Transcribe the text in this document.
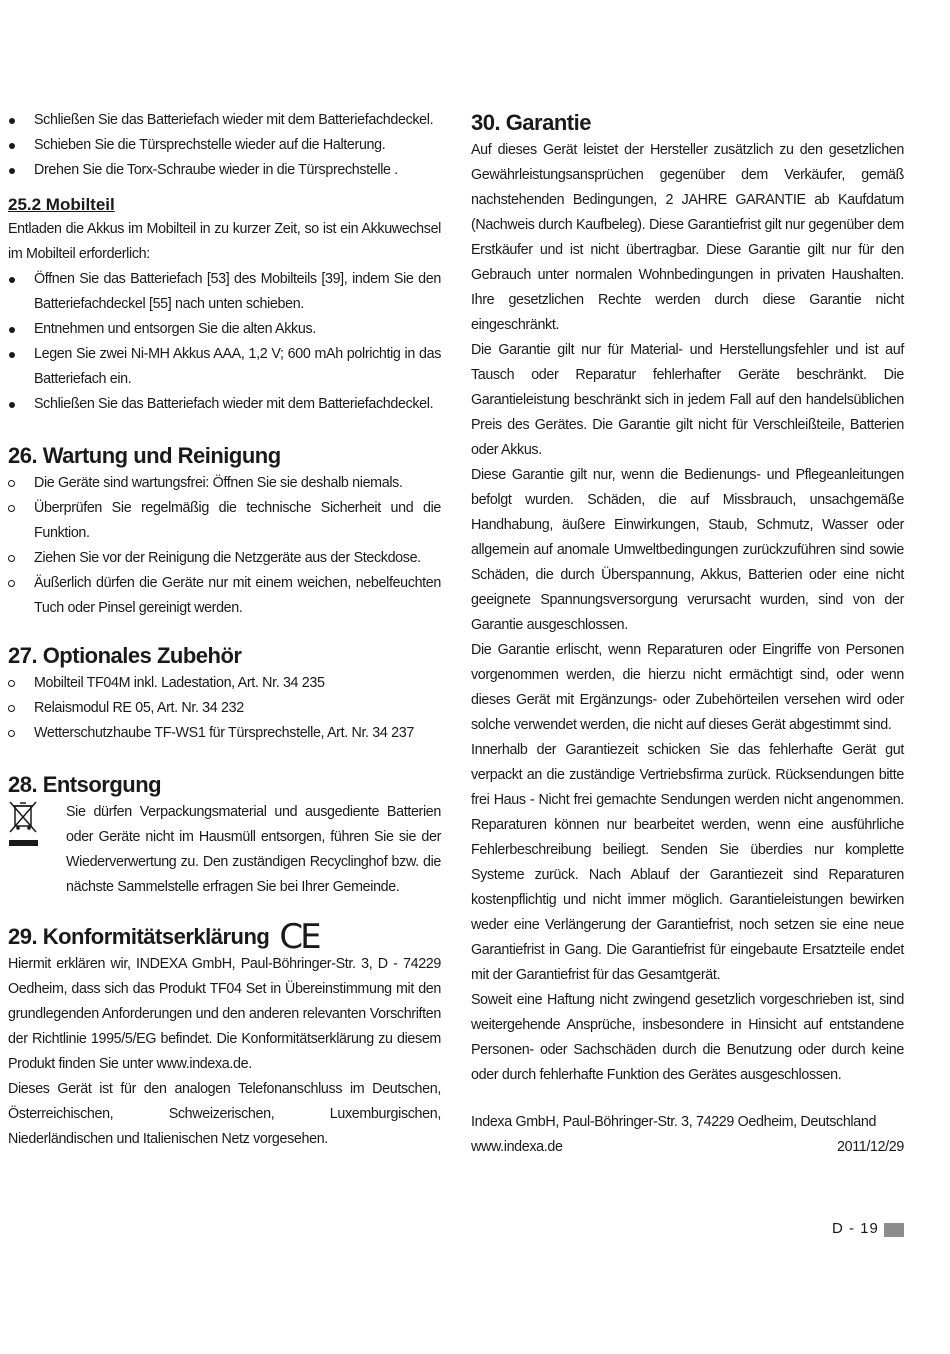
Schließen Sie das Batteriefach wieder mit dem Batteriefachdeckel.
Schieben Sie die Türsprechstelle wieder auf die Halterung.
Drehen Sie die Torx-Schraube wieder in die Türsprechstelle .
25.2 Mobilteil

Entladen die Akkus im Mobilteil in zu kurzer Zeit, so ist ein Akkuwechsel im Mobilteil erforderlich:

Öffnen Sie das Batteriefach [53] des Mobilteils [39], indem Sie den Batteriefachdeckel [55] nach unten schieben.
Entnehmen und entsorgen Sie die alten Akkus.
Legen Sie zwei Ni-MH Akkus AAA, 1,2 V; 600 mAh polrichtig in das Batteriefach ein.
Schließen Sie das Batteriefach wieder mit dem Batteriefachdeckel.
26. Wartung und Reinigung
Die Geräte sind wartungsfrei: Öffnen Sie sie deshalb niemals.
Überprüfen Sie regelmäßig die technische Sicherheit und die Funktion.
Ziehen Sie vor der Reinigung die Netzgeräte aus der Steckdose.
Äußerlich dürfen die Geräte nur mit einem weichen, nebelfeuchten Tuch oder Pinsel gereinigt werden.
27. Optionales Zubehör
Mobilteil TF04M inkl. Ladestation, Art. Nr. 34 235
Relaismodul RE 05, Art. Nr. 34 232
Wetterschutzhaube TF-WS1 für Türsprechstelle, Art. Nr. 34 237
28. Entsorgung

Sie dürfen Verpackungsmaterial und ausgediente Batterien oder Geräte nicht im Hausmüll entsorgen, führen Sie sie der Wiederverwertung zu. Den zuständigen Recyclinghof bzw. die nächste Sammelstelle erfragen Sie bei Ihrer Gemeinde.

29. Konformitätserklärung CE

Hiermit erklären wir, INDEXA GmbH, Paul-Böhringer-Str. 3, D - 74229 Oedheim, dass sich das Produkt TF04 Set in Übereinstimmung mit den grundlegenden Anforderungen und den anderen relevanten Vorschriften der Richtlinie 1995/5/EG befindet. Die Konformitätserklärung zu diesem Produkt finden Sie unter www.indexa.de.

Dieses Gerät ist für den analogen Telefonanschluss im Deutschen, Österreichischen, Schweizerischen, Luxemburgischen, Niederländischen und Italienischen Netz vorgesehen.

30. Garantie

Auf dieses Gerät leistet der Hersteller zusätzlich zu den gesetzlichen Gewährleistungsansprüchen gegenüber dem Verkäufer, gemäß nachstehenden Bedingungen, 2 JAHRE GARANTIE ab Kaufdatum (Nachweis durch Kaufbeleg). Diese Garantiefrist gilt nur gegenüber dem Erstkäufer und ist nicht übertragbar. Diese Garantie gilt nur für den Gebrauch unter normalen Wohnbedingungen in privaten Haushalten. Ihre gesetzlichen Rechte werden durch diese Garantie nicht eingeschränkt.

Die Garantie gilt nur für Material- und Herstellungsfehler und ist auf Tausch oder Reparatur fehlerhafter Geräte beschränkt. Die Garantieleistung beschränkt sich in jedem Fall auf den handelsüblichen Preis des Gerätes. Die Garantie gilt nicht für Verschleißteile, Batterien oder Akkus.

Diese Garantie gilt nur, wenn die Bedienungs- und Pflegeanleitungen befolgt wurden. Schäden, die auf Missbrauch, unsachgemäße Handhabung, äußere Einwirkungen, Staub, Schmutz, Wasser oder allgemein auf anomale Umweltbedingungen zurückzuführen sind sowie Schäden, die durch Überspannung, Akkus, Batterien oder eine nicht geeignete Spannungsversorgung verursacht wurden, sind von der Garantie ausgeschlossen.

Die Garantie erlischt, wenn Reparaturen oder Eingriffe von Personen vorgenommen werden, die hierzu nicht ermächtigt sind, oder wenn dieses Gerät mit Ergänzungs- oder Zubehörteilen versehen wird oder solche verwendet werden, die nicht auf dieses Gerät abgestimmt sind.

Innerhalb der Garantiezeit schicken Sie das fehlerhafte Gerät gut verpackt an die zuständige Vertriebsfirma zurück. Rücksendungen bitte frei Haus - Nicht frei gemachte Sendungen werden nicht angenommen. Reparaturen können nur bearbeitet werden, wenn eine ausführliche Fehlerbeschreibung beiliegt. Senden Sie überdies nur komplette Systeme zurück. Nach Ablauf der Garantiezeit sind Reparaturen kostenpflichtig und nicht immer möglich. Garantieleistungen bewirken weder eine Verlängerung der Garantiefrist, noch setzen sie eine neue Garantiefrist in Gang. Die Garantiefrist für eingebaute Ersatzteile endet mit der Garantiefrist für das Gesamtgerät.

Soweit eine Haftung nicht zwingend gesetzlich vorgeschrieben ist, sind weitergehende Ansprüche, insbesondere in Hinsicht auf entstandene Personen- oder Sachschäden durch die Benutzung oder durch keine oder durch fehlerhafte Funktion des Gerätes ausgeschlossen.

Indexa GmbH, Paul-Böhringer-Str. 3, 74229 Oedheim, Deutschland

www.indexa.de	2011/12/29
D - 19
